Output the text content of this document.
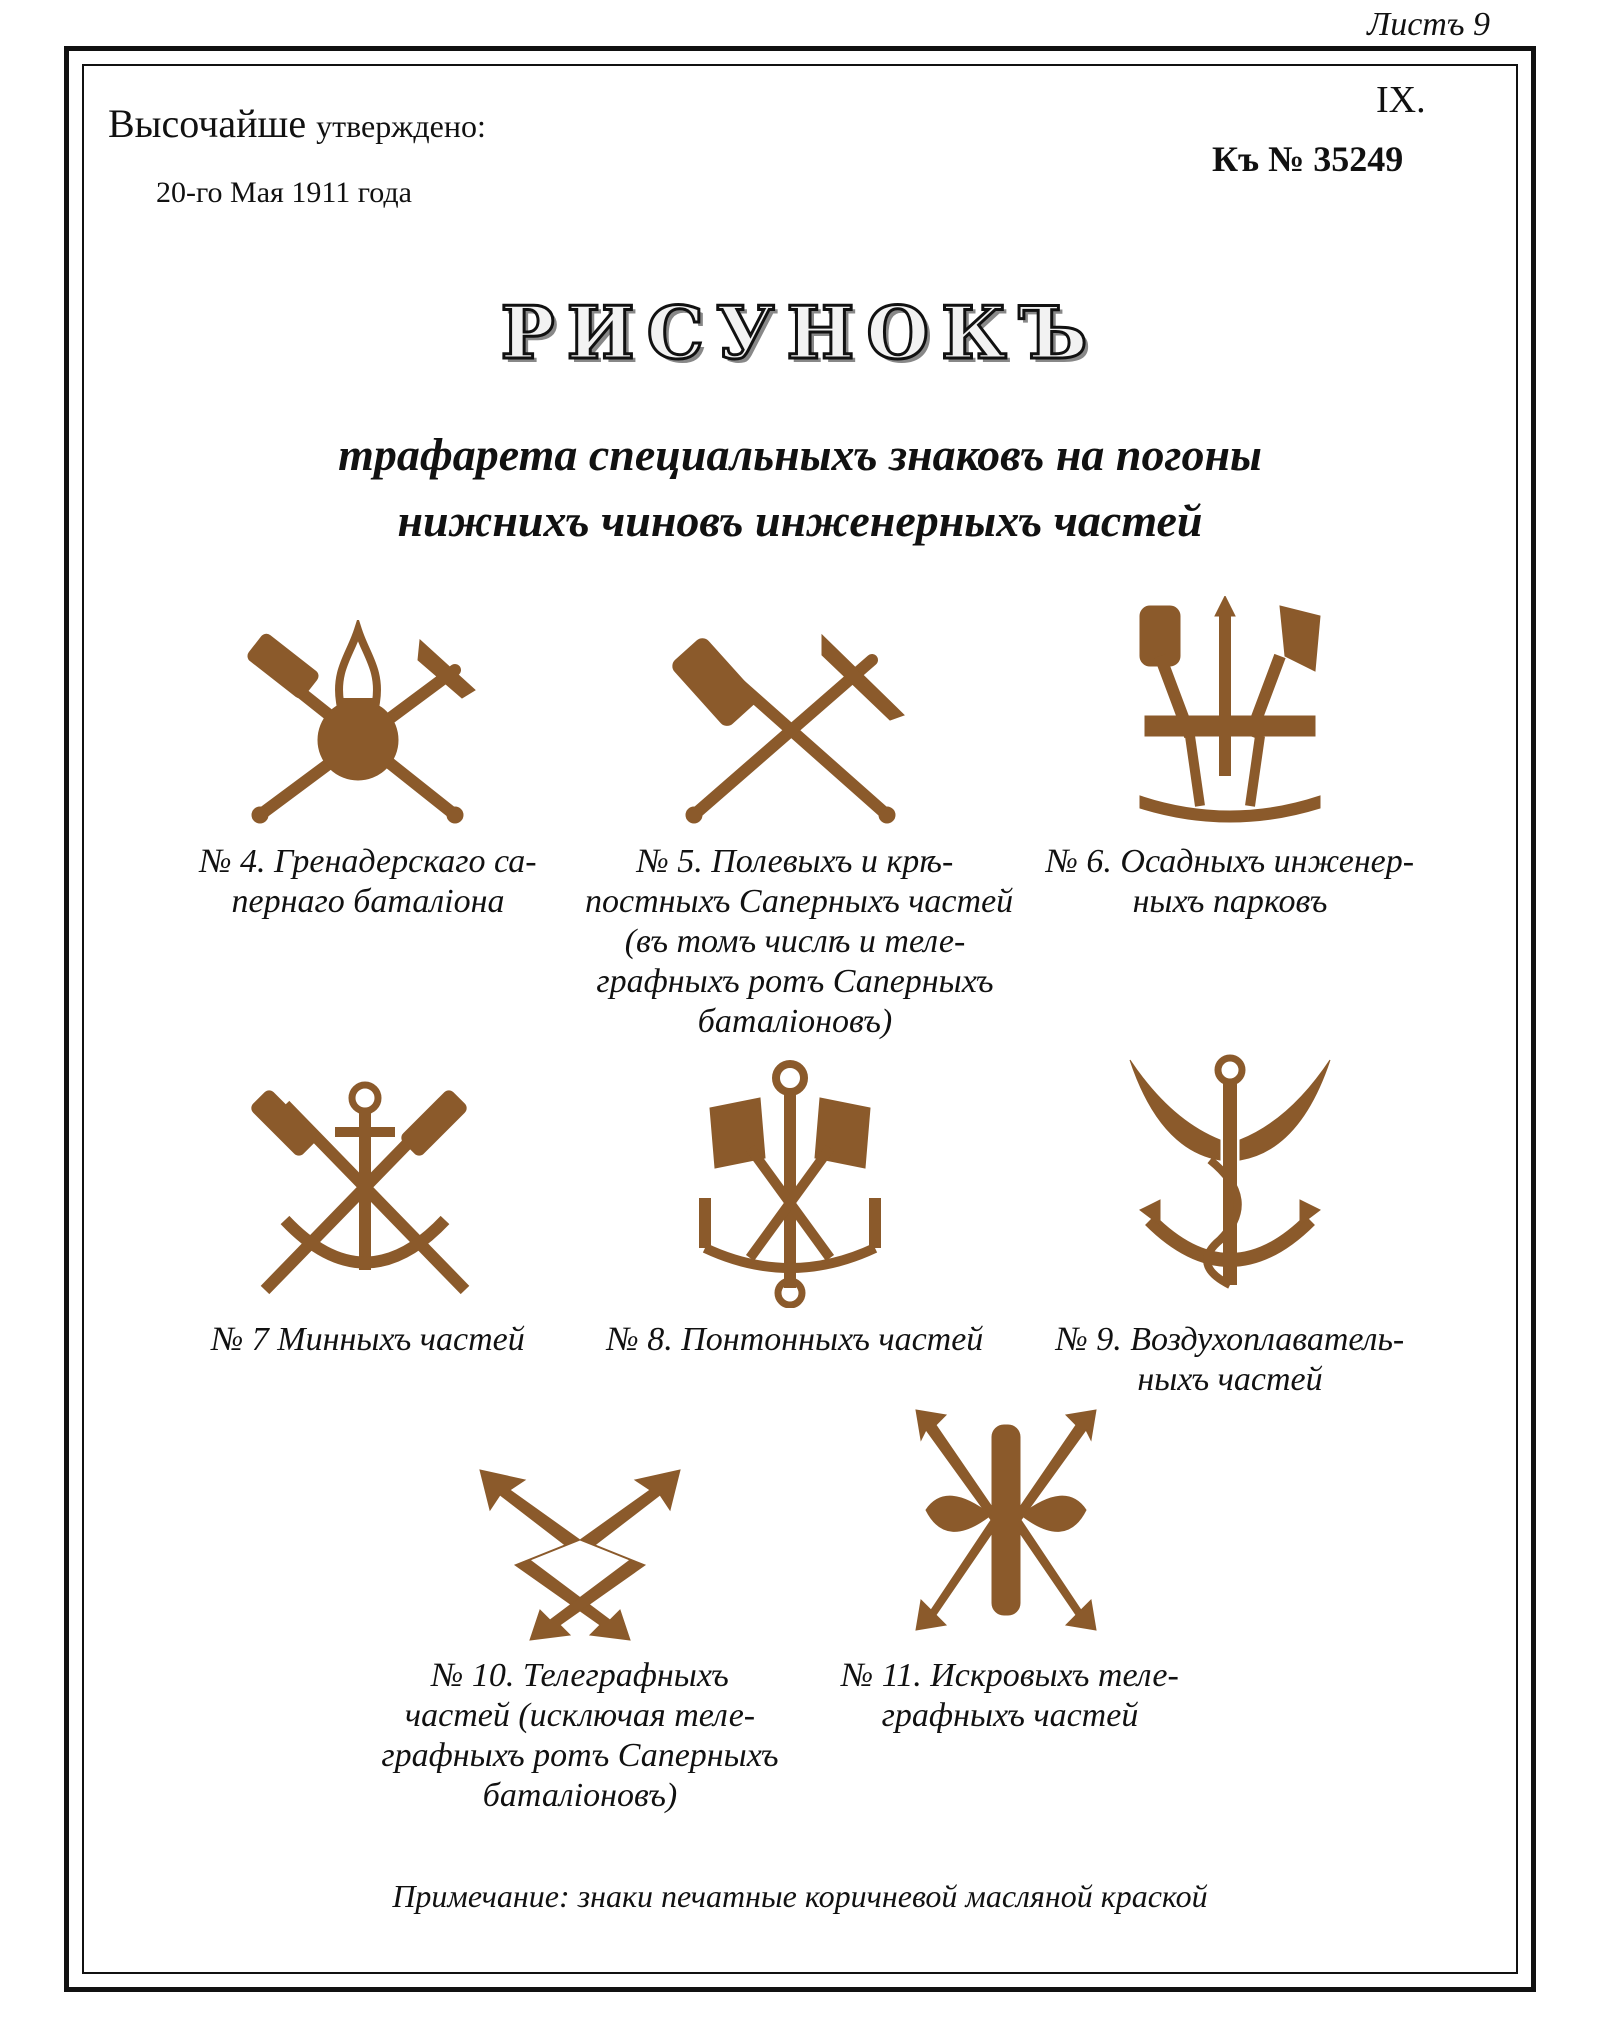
Листъ 9
Высочайше утверждено:
20-го Мая 1911 года
IX.
Къ № 35249
РИСУНОКЪ
трафарета специальныхъ знаковъ на погоны
нижнихъ чиновъ инженерныхъ частей
№ 4. Гренадерскаго са-
пернаго баталіона
№ 5. Полевыхъ и крѣ-
постныхъ Саперныхъ частей
(въ томъ числѣ и теле-
графныхъ ротъ Саперныхъ
баталіоновъ)
№ 6. Осадныхъ инженер-
ныхъ парковъ
№ 7 Минныхъ частей	№ 8. Понтонныхъ частей	№ 9. Воздухоплаватель-
ныхъ частей
№ 10. Телеграфныхъ
частей (исключая теле-
графныхъ ротъ Саперныхъ
баталіоновъ)
№ 11. Искровыхъ теле-
графныхъ частей
Примечание: знаки печатные коричневой масляной краской
